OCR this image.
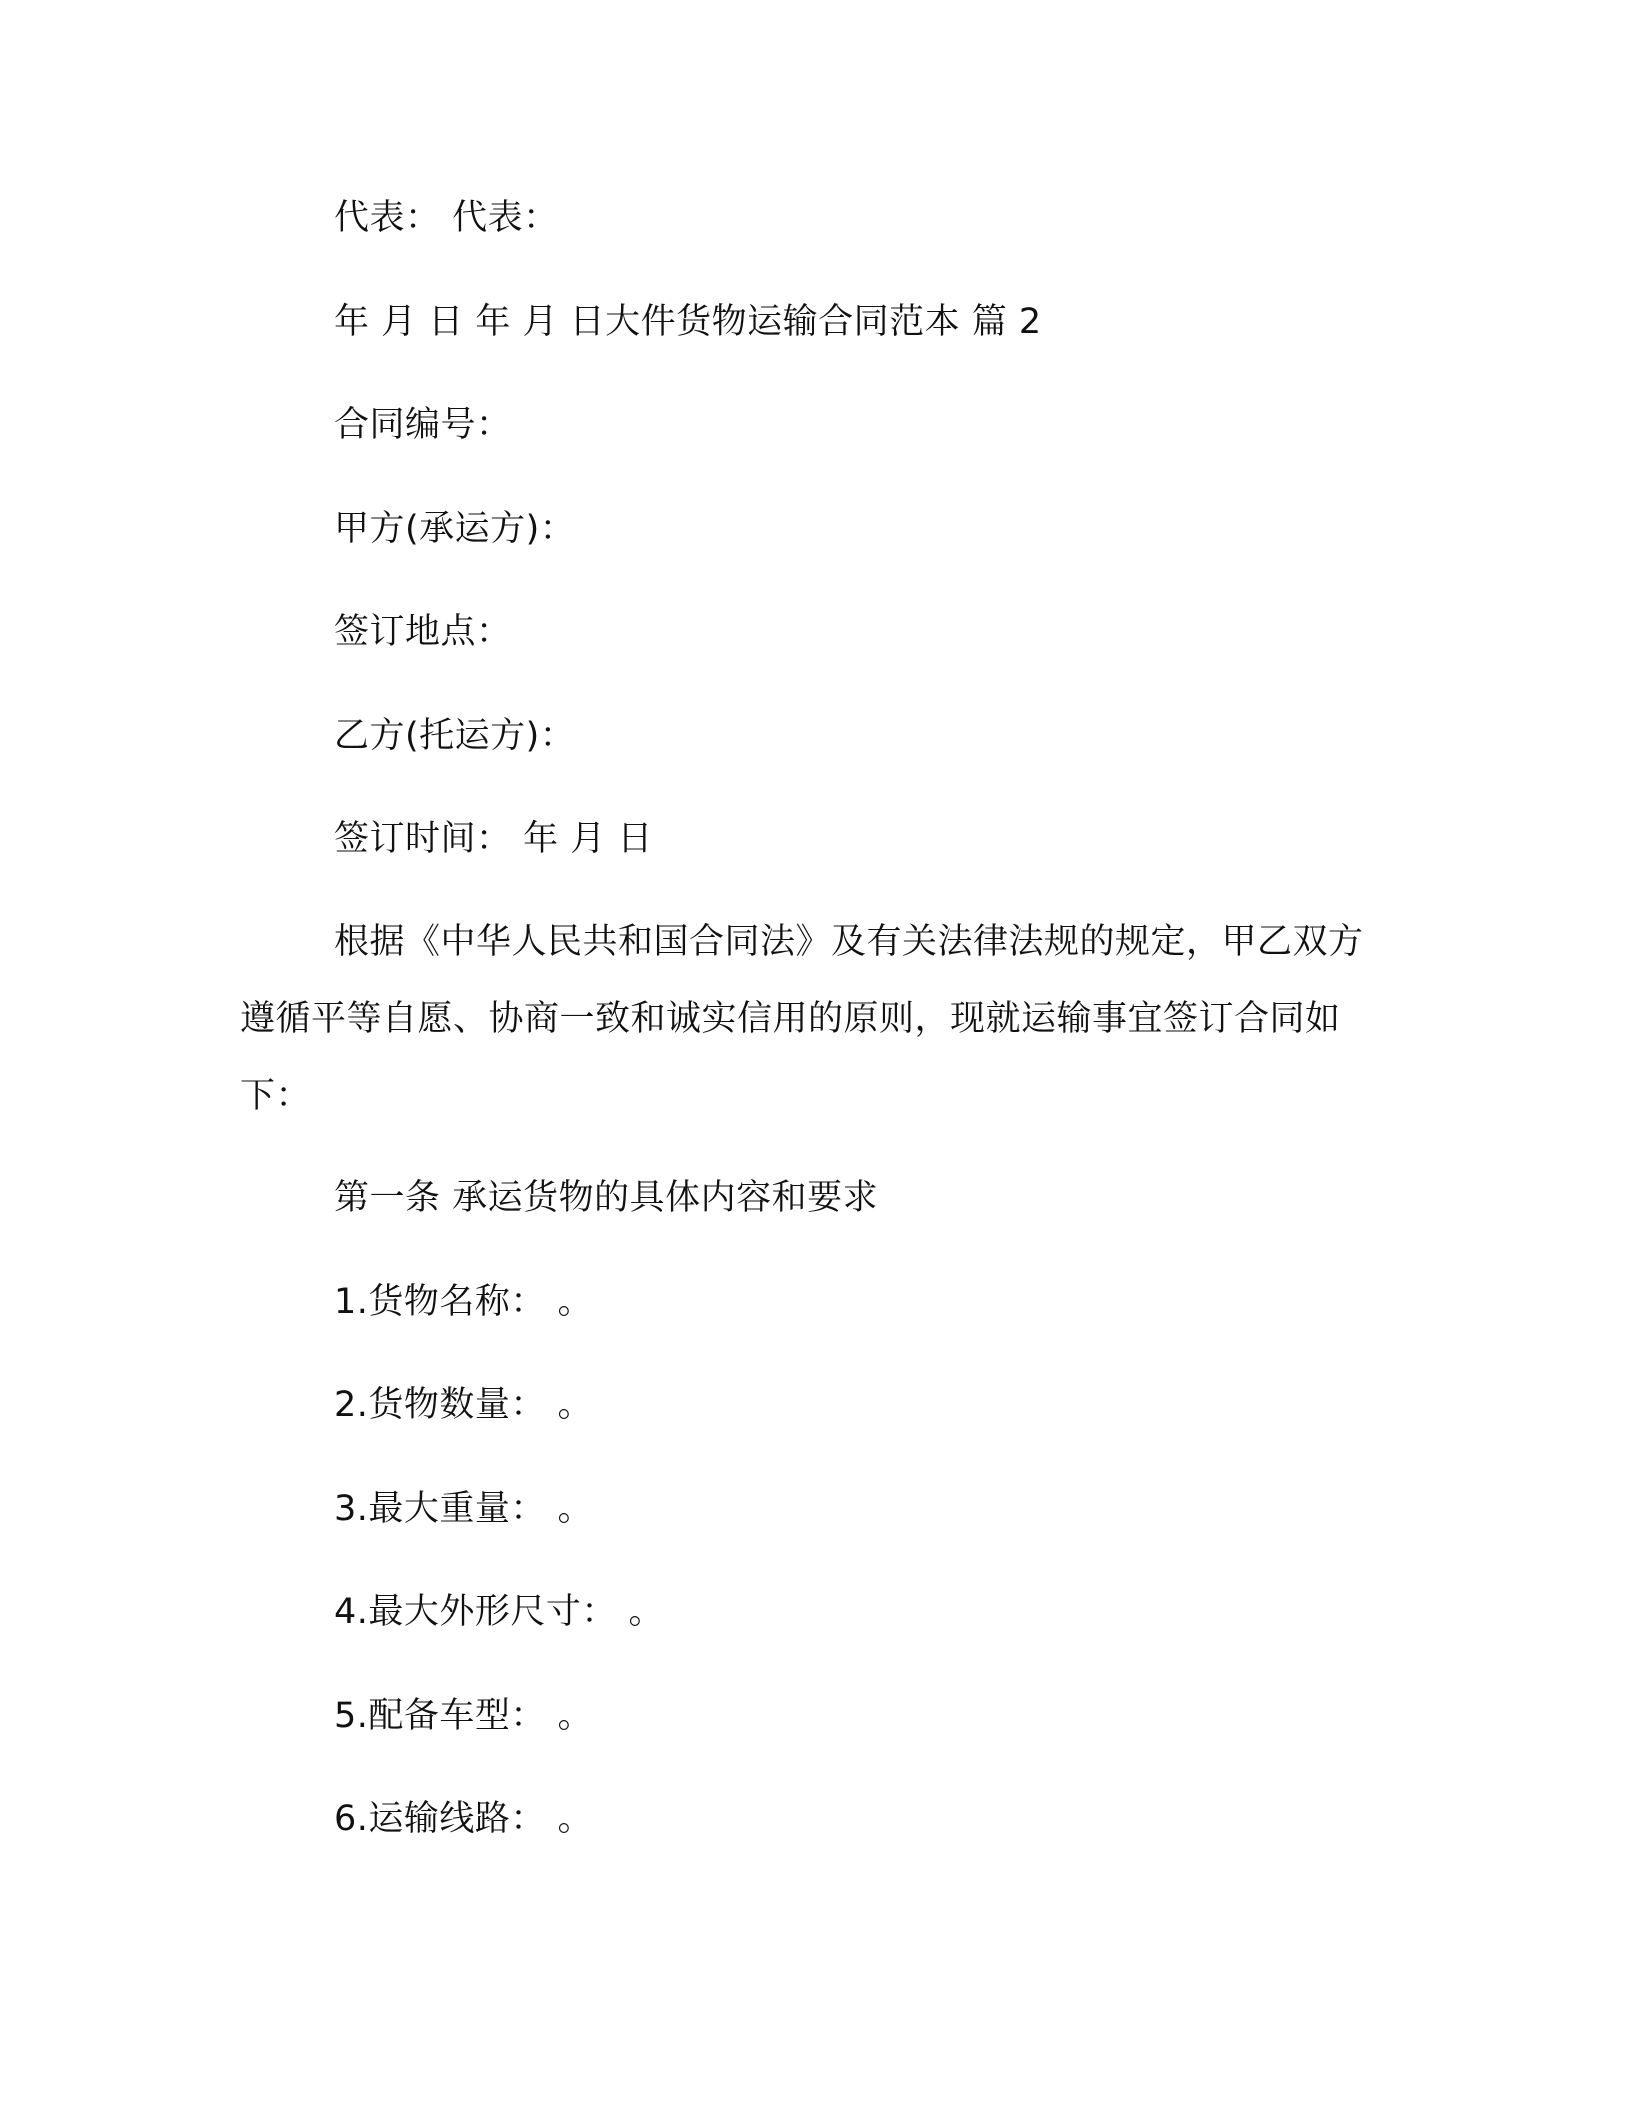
代表： 代表：
年 月 日 年 月 日大件货物运输合同范本 篇 2
合同编号：
甲方(承运方)：
签订地点：
乙方(托运方)：
签订时间： 年 月 日

根据《中华人民共和国合同法》及有关法律法规的规定，甲乙双方遵循平等自愿、协商一致和诚实信用的原则，现就运输事宜签订合同如下：

第一条 承运货物的具体内容和要求
1.货物名称： 。
2.货物数量： 。
3.最大重量： 。
4.最大外形尺寸： 。
5.配备车型： 。
6.运输线路： 。
